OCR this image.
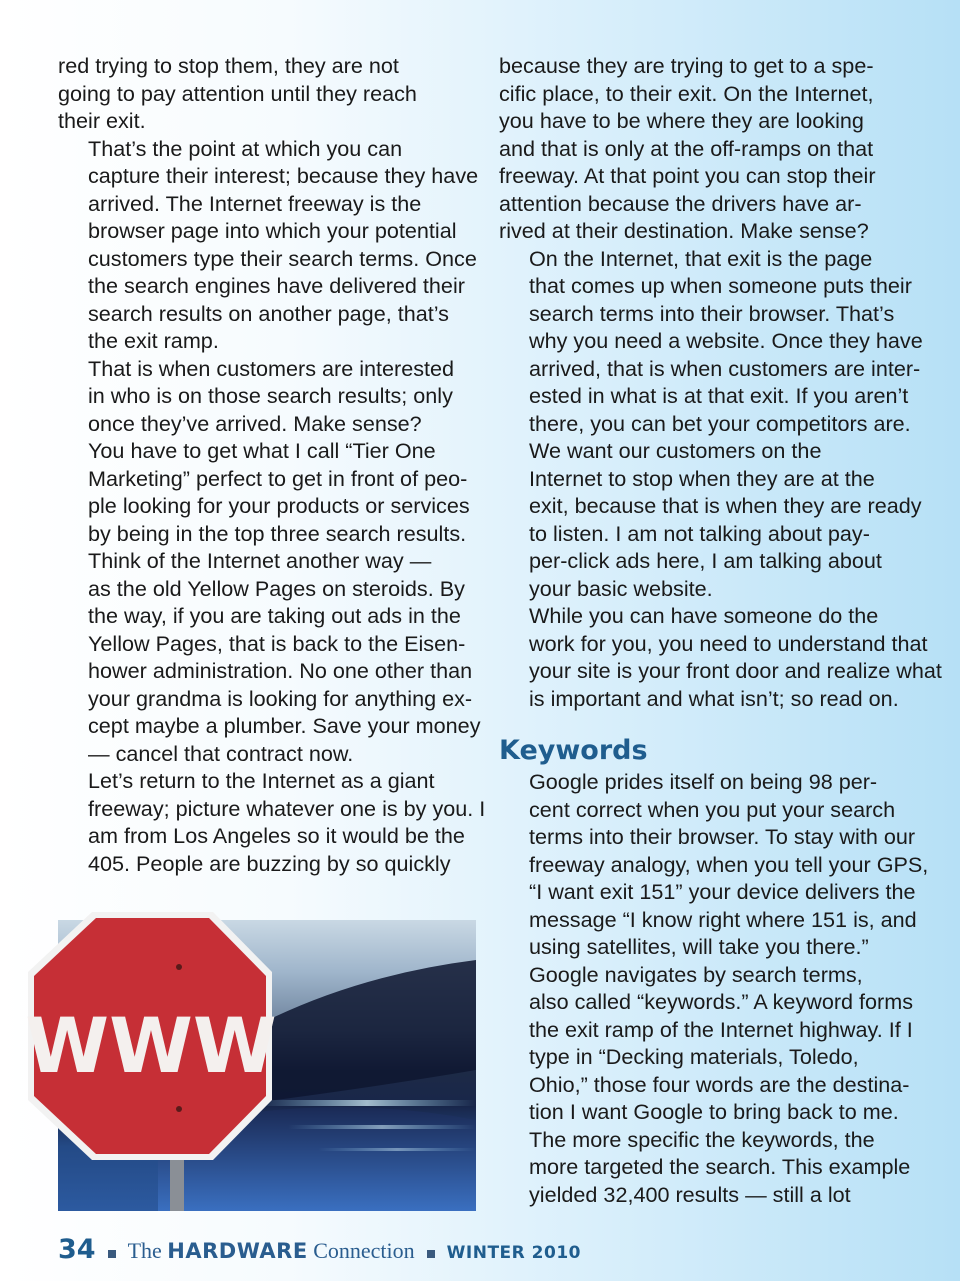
red trying to stop them, they are not
going to pay attention until they reach
their exit.

That’s the point at which you can
capture their interest; because they have
arrived. The Internet freeway is the
browser page into which your potential
customers type their search terms. Once
the search engines have delivered their
search results on another page, that’s
the exit ramp.

That is when customers are interested
in who is on those search results; only
once they’ve arrived. Make sense?

You have to get what I call “Tier One
Marketing” perfect to get in front of peo-
ple looking for your products or services
by being in the top three search results.

Think of the Internet another way —
as the old Yellow Pages on steroids. By
the way, if you are taking out ads in the
Yellow Pages, that is back to the Eisen-
hower administration. No one other than
your grandma is looking for anything ex-
cept maybe a plumber. Save your money
— cancel that contract now.

Let’s return to the Internet as a giant
freeway; picture whatever one is by you. I
am from Los Angeles so it would be the
405. People are buzzing by so quickly

because they are trying to get to a spe-
cific place, to their exit. On the Internet,
you have to be where they are looking
and that is only at the off-ramps on that
freeway. At that point you can stop their
attention because the drivers have ar-
rived at their destination. Make sense?

On the Internet, that exit is the page
that comes up when someone puts their
search terms into their browser. That’s
why you need a website. Once they have
arrived, that is when customers are inter-
ested in what is at that exit. If you aren’t
there, you can bet your competitors are.

We want our customers on the
Internet to stop when they are at the
exit, because that is when they are ready
to listen. I am not talking about pay-
per-click ads here, I am talking about
your basic website.

While you can have someone do the
work for you, you need to understand that
your site is your front door and realize what
is important and what isn’t; so read on.

Keywords

Google prides itself on being 98 per-
cent correct when you put your search
terms into their browser. To stay with our
freeway analogy, when you tell your GPS,
“I want exit 151” your device delivers the
message “I know right where 151 is, and
using satellites, will take you there.”

Google navigates by search terms,
also called “keywords.” A keyword forms
the exit ramp of the Internet highway. If I
type in “Decking materials, Toledo,
Ohio,” those four words are the destina-
tion I want Google to bring back to me.
The more specific the keywords, the
more targeted the search. This example
yielded 32,400 results — still a lot

WWW
34 The HARDWARE Connection WINTER 2010
